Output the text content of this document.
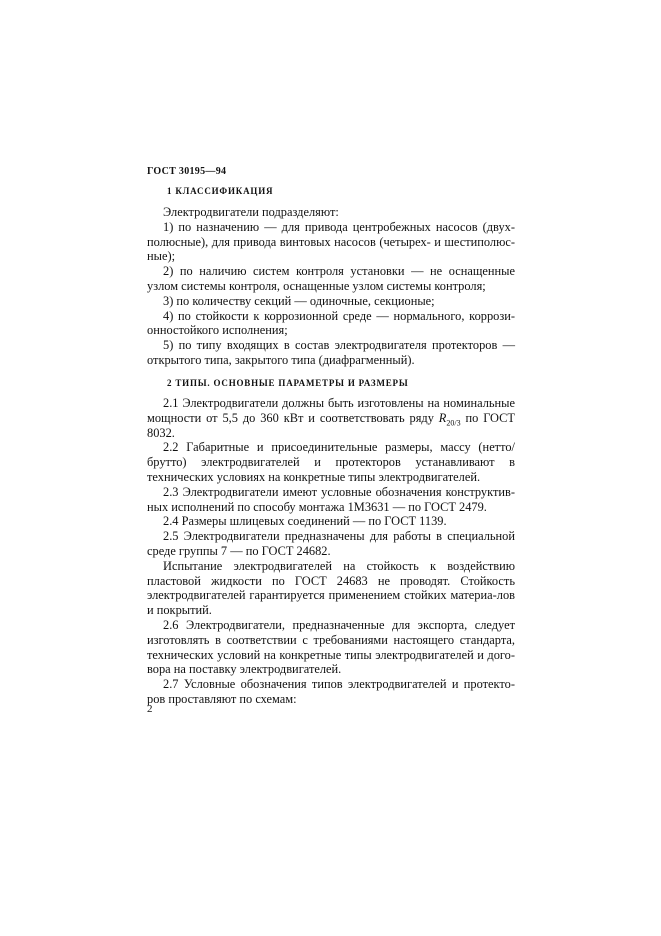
ГОСТ 30195—94
1 КЛАССИФИКАЦИЯ

Электродвигатели подразделяют:

1) по назначению — для привода центробежных насосов (двух-полюсные), для привода винтовых насосов (четырех- и шестиполюс-ные);

2) по наличию систем контроля установки — не оснащенные узлом системы контроля, оснащенные узлом системы контроля;

3) по количеству секций — одиночные, секционые;

4) по стойкости к коррозионной среде — нормального, коррози-онностойкого исполнения;

5) по типу входящих в состав электродвигателя протекторов — открытого типа, закрытого типа (диафрагменный).

2 ТИПЫ. ОСНОВНЫЕ ПАРАМЕТРЫ И РАЗМЕРЫ

2.1 Электродвигатели должны быть изготовлены на номинальные мощности от 5,5 до 360 кВт и соответствовать ряду $R_{20/3}$ по ГОСТ 8032.

2.2 Габаритные и присоединительные размеры, массу (нетто/брутто) электродвигателей и протекторов устанавливают в технических условиях на конкретные типы электродвигателей.

2.3 Электродвигатели имеют условные обозначения конструктив-ных исполнений по способу монтажа 1М3631 — по ГОСТ 2479.

2.4 Размеры шлицевых соединений — по ГОСТ 1139.

2.5 Электродвигатели предназначены для работы в специальной среде группы 7 — по ГОСТ 24682.

Испытание электродвигателей на стойкость к воздействию пластовой жидкости по ГОСТ 24683 не проводят. Стойкость электродвигателей гарантируется применением стойких материа-лов и покрытий.

2.6 Электродвигатели, предназначенные для экспорта, следует изготовлять в соответствии с требованиями настоящего стандарта, технических условий на конкретные типы электродвигателей и дого-вора на поставку электродвигателей.

2.7 Условные обозначения типов электродвигателей и протекто-ров проставляют по схемам:

2
